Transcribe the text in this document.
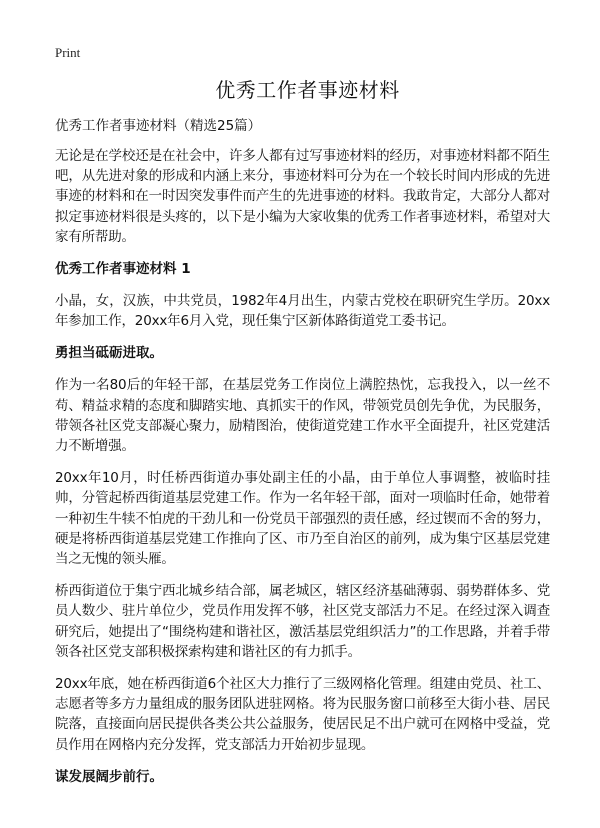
Print
优秀工作者事迹材料
优秀工作者事迹材料（精选25篇）

无论是在学校还是在社会中，许多人都有过写事迹材料的经历，对事迹材料都不陌生吧，从先进对象的形成和内涵上来分，事迹材料可分为在一个较长时间内形成的先进事迹的材料和在一时因突发事件而产生的先进事迹的材料。我敢肯定，大部分人都对拟定事迹材料很是头疼的，以下是小编为大家收集的优秀工作者事迹材料，希望对大家有所帮助。

优秀工作者事迹材料 1

小晶，女，汉族，中共党员，1982年4月出生，内蒙古党校在职研究生学历。20xx年参加工作，20xx年6月入党，现任集宁区新体路街道党工委书记。

勇担当砥砺进取。

作为一名80后的年轻干部，在基层党务工作岗位上满腔热忱，忘我投入，以一丝不苟、精益求精的态度和脚踏实地、真抓实干的作风，带领党员创先争优，为民服务，带领各社区党支部凝心聚力，励精图治，使街道党建工作水平全面提升，社区党建活力不断增强。

20xx年10月，时任桥西街道办事处副主任的小晶，由于单位人事调整，被临时挂帅，分管起桥西街道基层党建工作。作为一名年轻干部，面对一项临时任命，她带着一种初生牛犊不怕虎的干劲儿和一份党员干部强烈的责任感，经过锲而不舍的努力，硬是将桥西街道基层党建工作推向了区、市乃至自治区的前列，成为集宁区基层党建当之无愧的领头雁。

桥西街道位于集宁西北城乡结合部，属老城区，辖区经济基础薄弱、弱势群体多、党员人数少、驻片单位少，党员作用发挥不够，社区党支部活力不足。在经过深入调查研究后，她提出了“围绕构建和谐社区，激活基层党组织活力”的工作思路，并着手带领各社区党支部积极探索构建和谐社区的有力抓手。

20xx年底，她在桥西街道6个社区大力推行了三级网格化管理。组建由党员、社工、志愿者等多方力量组成的服务团队进驻网格。将为民服务窗口前移至大街小巷、居民院落，直接面向居民提供各类公共公益服务，使居民足不出户就可在网格中受益，党员作用在网格内充分发挥，党支部活力开始初步显现。

谋发展阔步前行。
